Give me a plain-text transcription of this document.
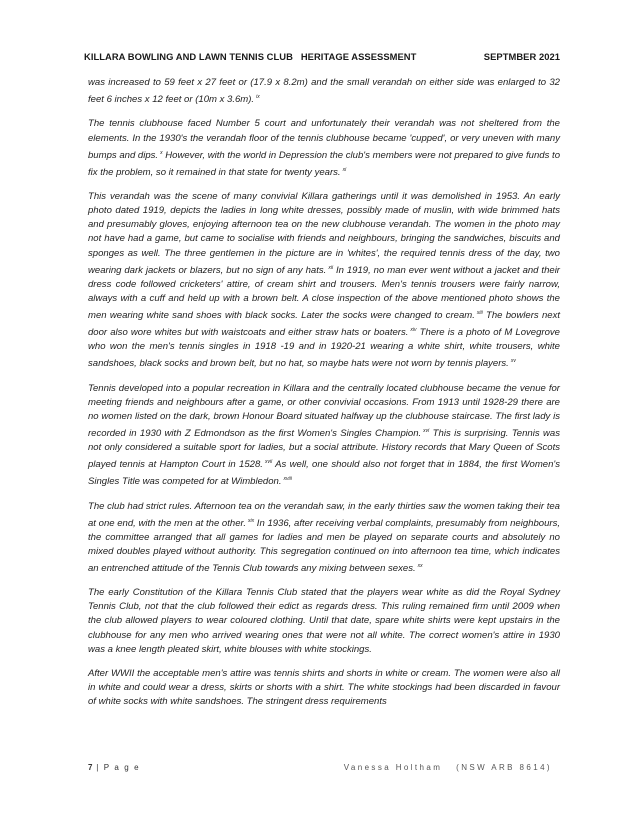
KILLARA BOWLING AND LAWN TENNIS CLUB   HERITAGE ASSESSMENT	SEPTMBER 2021

was increased to 59 feet x 27 feet or (17.9 x 8.2m) and the small verandah on either side was enlarged to 32 feet 6 inches x 12 feet or (10m x 3.6m). $^{ix}$

The tennis clubhouse faced Number 5 court and unfortunately their verandah was not sheltered from the elements. In the 1930's the verandah floor of the tennis clubhouse became 'cupped', or very uneven with many bumps and dips. $^x$ However, with the world in Depression the club's members were not prepared to give funds to fix the problem, so it remained in that state for twenty years. $^{xi}$

This verandah was the scene of many convivial Killara gatherings until it was demolished in 1953. An early photo dated 1919, depicts the ladies in long white dresses, possibly made of muslin, with wide brimmed hats and presumably gloves, enjoying afternoon tea on the new clubhouse verandah. The women in the photo may not have had a game, but came to socialise with friends and neighbours, bringing the sandwiches, biscuits and sponges as well. The three gentlemen in the picture are in 'whites', the required tennis dress of the day, two wearing dark jackets or blazers, but no sign of any hats. $^{xii}$ In 1919, no man ever went without a jacket and their dress code followed cricketers' attire, of cream shirt and trousers. Men's tennis trousers were fairly narrow, always with a cuff and held up with a brown belt. A close inspection of the above mentioned photo shows the men wearing white sand shoes with black socks. Later the socks were changed to cream. $^{xiii}$ The bowlers next door also wore whites but with waistcoats and either straw hats or boaters. $^{xiv}$ There is a photo of M Lovegrove who won the men's tennis singles in 1918 -19 and in 1920-21 wearing a white shirt, white trousers, white sandshoes, black socks and brown belt, but no hat, so maybe hats were not worn by tennis players. $^{xv}$

Tennis developed into a popular recreation in Killara and the centrally located clubhouse became the venue for meeting friends and neighbours after a game, or other convivial occasions. From 1913 until 1928-29 there are no women listed on the dark, brown Honour Board situated halfway up the clubhouse staircase. The first lady is recorded in 1930 with Z Edmondson as the first Women's Singles Champion. $^{xvi}$ This is surprising. Tennis was not only considered a suitable sport for ladies, but a social attribute. History records that Mary Queen of Scots played tennis at Hampton Court in 1528. $^{xvii}$ As well, one should also not forget that in 1884, the first Women's Singles Title was competed for at Wimbledon. $^{xviii}$

The club had strict rules. Afternoon tea on the verandah saw, in the early thirties saw the women taking their tea at one end, with the men at the other. $^{xix}$ In 1936, after receiving verbal complaints, presumably from neighbours, the committee arranged that all games for ladies and men be played on separate courts and absolutely no mixed doubles played without authority. This segregation continued on into afternoon tea time, which indicates an entrenched attitude of the Tennis Club towards any mixing between sexes. $^{xx}$

The early Constitution of the Killara Tennis Club stated that the players wear white as did the Royal Sydney Tennis Club, not that the club followed their edict as regards dress. This ruling remained firm until 2009 when the club allowed players to wear coloured clothing. Until that date, spare white shirts were kept upstairs in the clubhouse for any men who arrived wearing ones that were not all white. The correct women's attire in 1930 was a knee length pleated skirt, white blouses with white stockings.

After WWII the acceptable men's attire was tennis shirts and shorts in white or cream. The women were also all in white and could wear a dress, skirts or shorts with a shirt. The white stockings had been discarded in favour of white socks with white sandshoes. The stringent dress requirements

7 | P a g e	Vanessa Holtham   (NSW ARB 8614)
